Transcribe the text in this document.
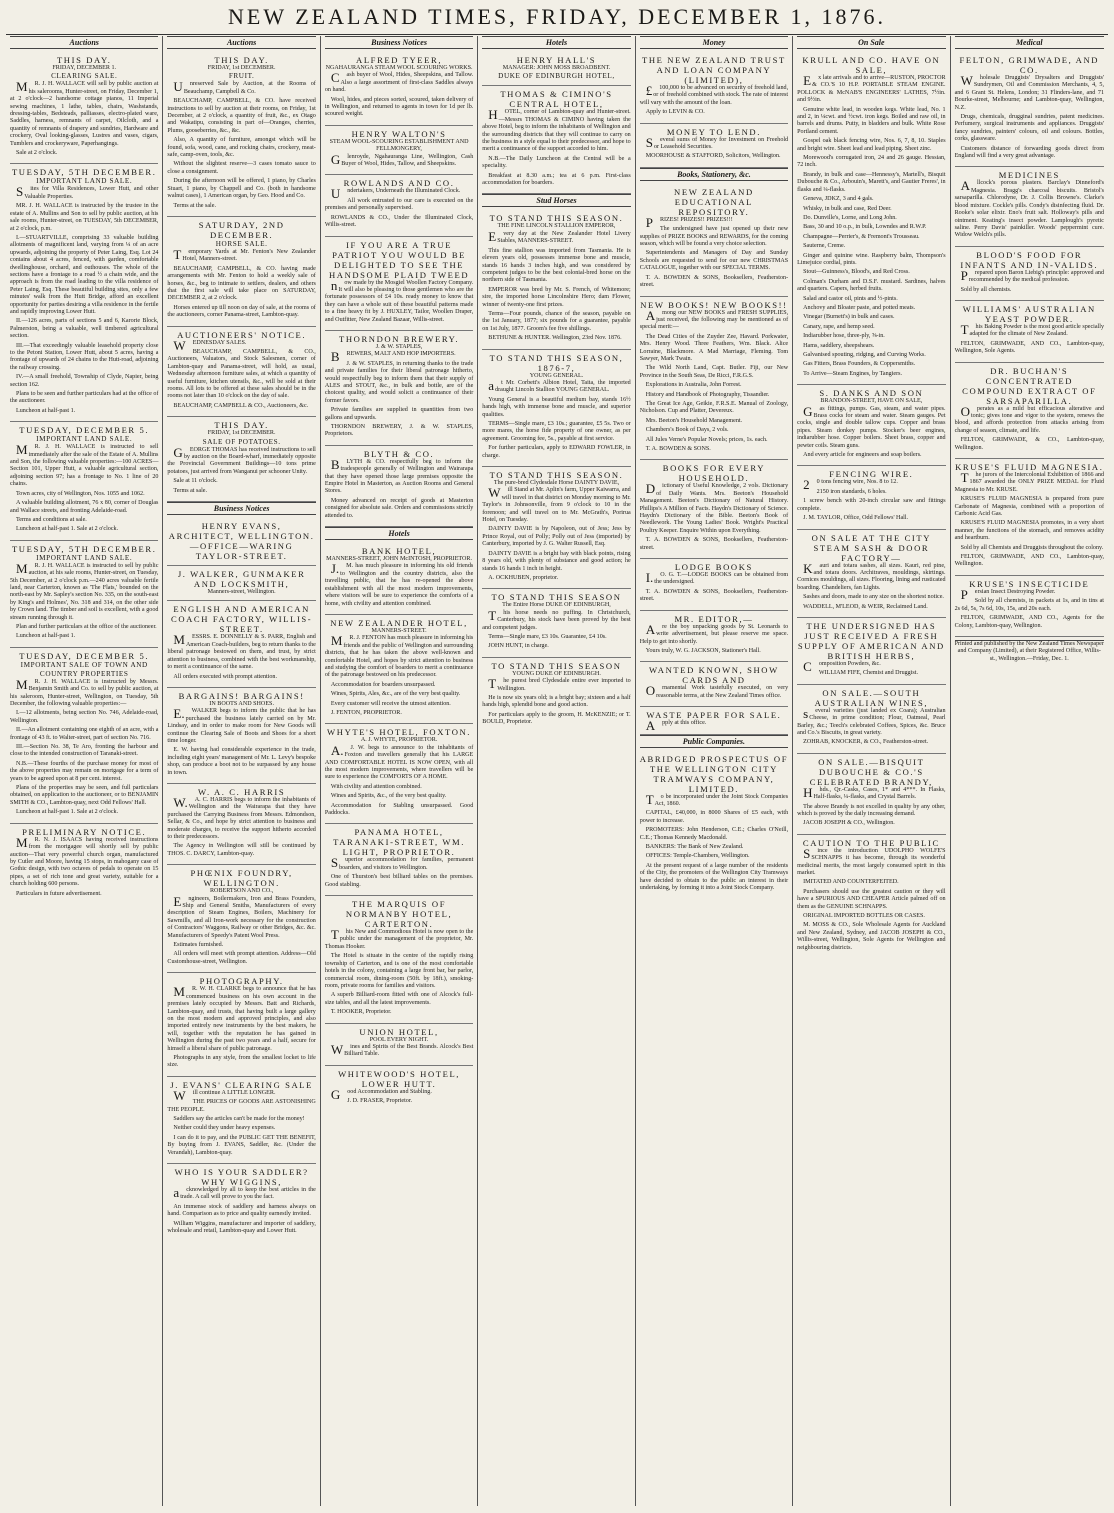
NEW ZEALAND TIMES, FRIDAY, DECEMBER 1, 1876.
Auctions
THIS DAY.
FRIDAY, DECEMBER 1.
CLEARING SALE.

MR. J. H. WALLACE will sell by public auction at his salerooms, Hunter-street, on Friday, December 1, at 2 o'clock—2 handsome cottage pianos, 11 Imperial sewing machines, 1 lathe, tables, chairs, Washstands, dressing-tables, Bedsteads, palliasses, electro-plated ware, Saddles, harness, remnants of carpet, Oilcloth, and a quantity of remnants of drapery and sundries, Hardware and crockery, Oval looking-glasses, Lustres and vases, cigars, Tumblers and crockeryware, Paperhangings.

Sale at 2 o'clock.

TUESDAY, 5TH DECEMBER.
IMPORTANT LAND SALE.

Sites for Villa Residences, Lower Hutt, and other Valuable Properties.

MR. J. H. WALLACE is instructed by the trustee in the estate of A. Mullins and Son to sell by public auction, at his sale rooms, Hunter-street, on TUESDAY, 5th DECEMBER, at 2 o'clock, p.m.

I.—STUARTVILLE, comprising 33 valuable building allotments of magnificent land, varying from ¼ of an acre upwards, adjoining the property of Peter Laing, Esq. Lot 24 contains about 4 acres, fenced, with garden, comfortable dwellinghouse, orchard, and outhouses. The whole of the sections have a frontage to a road ½ a chain wide, and the approach is from the road leading to the villa residence of Peter Laing, Esq. These beautiful building sites, only a few minutes' walk from the Hutt Bridge, afford an excellent opportunity for parties desiring a villa residence in the fertile and rapidly improving Lower Hutt.

II.—126 acres, parts of sections 5 and 6, Karorie Block, Palmerston, being a valuable, well timbered agricultural section.

III.—That exceedingly valuable leasehold property close to the Petoni Station, Lower Hutt, about 5 acres, having a frontage of upwards of 24 chains to the Hutt-road, adjoining the railway crossing.

IV.—A small freehold, Township of Clyde, Napier, being section 162.

Plans to be seen and further particulars had at the office of the auctioneer.

Luncheon at half-past 1.

TUESDAY, DECEMBER 5.
IMPORTANT LAND SALE.

MR. J. H. WALLACE is instructed to sell immediately after the sale of the Estate of A. Mullins and Son, the following valuable properties:—100 ACRES—Section 101, Upper Hutt, a valuable agricultural section, adjoining section 97; has a frontage to No. 1 line of 20 chains.

Town acres, city of Wellington, Nos. 1055 and 1062.

A valuable building allotment, 76 x 80, corner of Douglas and Wallace streets, and fronting Adelaide-road.

Terms and conditions at sale.

Luncheon at half-past 1. Sale at 2 o'clock.

TUESDAY, 5TH DECEMBER.
IMPORTANT LAND SALE.

MR. J. H. WALLACE is instructed to sell by public auction, at his sale rooms, Hunter-street, on Tuesday, 5th December, at 2 o'clock p.m.—240 acres valuable fertile land, near Carterton, known as 'The Flats,' bounded on the north-east by Mr. Sapley's section No. 335, on the south-east by King's and Holmes', No. 318 and 314, on the other side by Crown land. The timber and soil is excellent, with a good stream running through it.

Plan and further particulars at the office of the auctioneer.

Luncheon at half-past 1.

TUESDAY, DECEMBER 5.
IMPORTANT SALE OF TOWN AND COUNTRY PROPERTIES

MR. J. H. WALLACE is instructed by Messrs. Benjamin Smith and Co. to sell by public auction, at his saleroom, Hunter-street, Wellington, on Tuesday, 5th December, the following valuable properties:—

I.—12 allotments, being section No. 746, Adelaide-road, Wellington.

II.—An allotment containing one eighth of an acre, with a frontage of 43 ft. to Walter-street, part of section No. 716.

III.—Section No. 38, Te Aro, fronting the harbour and close to the intended construction of Taranaki-street.

N.B.—These fourths of the purchase money for most of the above properties may remain on mortgage for a term of years to be agreed upon at 8 per cent. interest.

Plans of the properties may be seen, and full particulars obtained, on application to the auctioneer, or to BENJAMIN SMITH & CO., Lambton-quay, next Odd Fellows' Hall.

Luncheon at half-past 1. Sale at 2 o'clock.

PRELIMINARY NOTICE.

MR. N. J. ISAACS having received instructions from the mortgagee will shortly sell by public auction—That very powerful church organ, manufactured by Cutler and Moore, having 15 stops, in mahogany case of Gothic design, with two octaves of pedals to operate on 15 pipes, a set of rich tone and great variety, suitable for a church holding 600 persons.

Particulars in future advertisement.

Auctions
THIS DAY.
FRIDAY, 1st DECEMBER.
FRUIT.

Unreserved Sale by Auction, at the Rooms of Beauchamp, Campbell & Co.

BEAUCHAMP, CAMPBELL, & CO. have received instructions to sell by auction at their rooms, on Friday, 1st December, at 2 o'clock, a quantity of fruit, &c., ex Otago and Wakatipu, consisting in part of—Oranges, cherries, Plums, gooseberries, &c., &c.

Also, A quantity of furniture, amongst which will be found, sofa, wood, cane, and rocking chairs, crockery, meat-safe, camp-oven, tools, &c.

Without the slightest reserve—3 cases tomato sauce to close a consignment.

During the afternoon will be offered, 1 piano, by Charles Stuart, 1 piano, by Chappell and Co. (both in handsome walnut cases), 1 American organ, by Geo. Hood and Co.

Terms at the sale.

SATURDAY, 2ND DECEMBER.
HORSE SALE.

Temporary Yards at Mr. Fenton's New Zealander Hotel, Manners-street.

BEAUCHAMP, CAMPBELL, & CO. having made arrangements with Mr. Fenton to hold a weekly sale of horses, &c., beg to intimate to settlers, dealers, and others that the first sale will take place on SATURDAY, DECEMBER 2, at 2 o'clock.

Horses entered up till noon on day of sale, at the rooms of the auctioneers, corner Panama-street, Lambton-quay.

AUCTIONEERS' NOTICE.

WEDNESDAY SALES.

BEAUCHAMP, CAMPBELL, & CO., Auctioneers, Valuators, and Stock Salesmen, corner of Lambton-quay and Panama-street, will hold, as usual, Wednesday afternoon furniture sales, at which a quantity of useful furniture, kitchen utensils, &c., will be sold at their rooms. All lots to be offered at these sales should be in the rooms not later than 10 o'clock on the day of sale.

BEAUCHAMP, CAMPBELL & CO., Auctioneers, &c.

THIS DAY.
FRIDAY, 1st DECEMBER.
SALE OF POTATOES.

GEORGE THOMAS has received instructions to sell by auction on the Board-wharf, immediately opposite the Provincial Government Buildings—10 tons prime potatoes, just arrived from Wanganui per schooner Unity.

Sale at 11 o'clock.

Terms at sale.

Business Notices
HENRY EVANS, ARCHITECT, WELLINGTON.—OFFICE—WARING TAYLOR-STREET.
J. WALKER, GUNMAKER AND LOCKSMITH,
Manners-street, Wellington.
ENGLISH AND AMERICAN COACH FACTORY, WILLIS-STREET.

MESSRS. E. DONNELLY & S. PARR, English and American Coach-builders, beg to return thanks to the liberal patronage bestowed on them, and trust, by strict attention to business, combined with the best workmanship, to merit a continuance of the same.

All orders executed with prompt attention.

BARGAINS! BARGAINS!
IN BOOTS AND SHOES.

E.WALKER begs to inform the public that he has purchased the business lately carried on by Mr. Lindsay, and in order to make room for New Goods will continue the Clearing Sale of Boots and Shoes for a short time longer.

E. W. having had considerable experience in the trade, including eight years' management of Mr. L. Levy's bespoke shop, can produce a boot not to be surpassed by any house in town.

W. A. C. HARRIS

W.A. C. HARRIS begs to inform the inhabitants of Wellington and the Wairarapa that they have purchased the Carrying Business from Messrs. Edmondson, Sellar, & Co., and hope by strict attention to business and moderate charges, to receive the support hitherto accorded to their predecessors.

The Agency in Wellington will still be continued by THOS. C. DARCY, Lambton-quay.

PHŒNIX FOUNDRY, WELLINGTON.
ROBERTSON AND CO.,

Engineers, Boilermakers, Iron and Brass Founders, Ship and General Smiths, Manufacturers of every description of Steam Engines, Boilers, Machinery for Sawmills, and all Iron-work necessary for the construction of Contractors' Waggons, Railway or other Bridges, &c. &c. Manufacturers of Speedy's Patent Wool Press.

Estimates furnished.

All orders will meet with prompt attention. Address—Old Customhouse-street, Wellington.

PHOTOGRAPHY.

MR. W. H. CLARKE begs to announce that he has commenced business on his own account in the premises lately occupied by Messrs. Batt and Richards, Lambton-quay, and trusts, that having built a large gallery on the most modern and approved principles, and also imported entirely new instruments by the best makers, he will, together with the reputation he has gained in Wellington during the past two years and a half, secure for himself a liberal share of public patronage.

Photographs in any style, from the smallest locket to life size.

J. EVANS' CLEARING SALE

Will continue A LITTLE LONGER.

THE PRICES OF GOODS ARE ASTONISHING THE PEOPLE.

Saddlers say the articles can't be made for the money!

Neither could they under heavy expenses.

I can do it to pay, and the PUBLIC GET THE BENEFIT, By buying from J. EVANS, Saddler, &c. (Under the Verandah), Lambton-quay.

WHO IS YOUR SADDLER? WHY WIGGINS,

acknowledged by all to keep the best articles in the trade. A call will prove to you the fact.

An immense stock of saddlery and harness always on hand. Comparison as to price and quality earnestly invited.

William Wiggins, manufacturer and importer of saddlery, wholesale and retail, Lambton-quay and Lower Hutt.

Business Notices
ALFRED TYEER,
NGAHAURANGA STEAM WOOL SCOURING WORKS.

Cash buyer of Wool, Hides, Sheepskins, and Tallow. Also a large assortment of first-class Saddles always on hand.

Wool, hides, and pieces sorted, scoured, taken delivery of in Wellington, and returned to agents in town for 1d per lb. scoured weight.

HENRY WALTON'S
STEAM WOOL-SCOURING ESTABLISHMENT AND FELLMONGERY,

Glenroyde, Ngahauranga Line, Wellington, Cash Buyer of Wool, Hides, Tallow, and Sheepskins.

ROWLANDS AND CO.

Undertakers, Underneath the Illuminated Clock.

All work entrusted to our care is executed on the premises and personally supervised.

ROWLANDS & CO., Under the Illuminated Clock, Willis-street.

IF YOU ARE A TRUE PATRIOT YOU WOULD BE DELIGHTED TO SEE THE HANDSOME PLAID TWEED

now made by the Mosgiel Woollen Factory Company. It will also be pleasing to those gentlemen who are the fortunate possessors of £4 10s. ready money to know that they can have a whole suit of these beautiful patterns made to a fine heavy fit by J. HUXLEY, Tailor, Woollen Draper, and Outfitter, New Zealand Bazaar, Willis-street.

THORNDON BREWERY.
J. & W. STAPLES,

BREWERS, MALT AND HOP IMPORTERS.

J. & W. STAPLES, in returning thanks to the trade and private families for their liberal patronage hitherto, would respectfully beg to inform them that their supply of ALES and STOUT, &c., in bulk and bottle, are of the choicest quality, and would solicit a continuance of their former favors.

Private families are supplied in quantities from two gallons and upwards.

THORNDON BREWERY, J. & W. STAPLES, Proprietors.

BLYTH & CO.

BLYTH & CO. respectfully beg to inform the tradespeople generally of Wellington and Wairarapa that they have opened those large premises opposite the Empire Hotel in Masterton, as Auction Rooms and General Stores.

Money advanced on receipt of goods at Masterton consigned for absolute sale. Orders and commissions strictly attended to.

Hotels
BANK HOTEL,
MANNERS-STREET, JOHN McINTOSH, PROPRIETOR.

J.M. has much pleasure in informing his old friends to Wellington and the country districts, also the travelling public, that he has re-opened the above establishment with all the most modern improvements, where visitors will be sure to experience the comforts of a home, with civility and attention combined.

NEW ZEALANDER HOTEL,
MANNERS-STREET.

MR. J. FENTON has much pleasure in informing his friends and the public of Wellington and surrounding districts, that he has taken the above well-known and comfortable Hotel, and hopes by strict attention to business and studying the comfort of boarders to merit a continuance of the patronage bestowed on his predecessor.

Accommodation for boarders unsurpassed.

Wines, Spirits, Ales, &c., are of the very best quality.

Every customer will receive the utmost attention.

J. FENTON, PROPRIETOR.

WHYTE'S HOTEL, FOXTON.
A. J. WHYTE, PROPRIETOR.

A.J. W. begs to announce to the inhabitants of Foxton and travellers generally that his LARGE AND COMFORTABLE HOTEL IS NOW OPEN, with all the most modern improvements, where travellers will be sure to experience the COMFORTS OF A HOME.

With civility and attention combined.

Wines and Spirits, &c., of the very best quality.

Accommodation for Stabling unsurpassed. Good Paddocks.

PANAMA HOTEL, TARANAKI-STREET, WM. LIGHT, PROPRIETOR.

Superior accommodation for families, permanent boarders, and visitors to Wellington.

One of Thurston's best billiard tables on the premises. Good stabling.

THE MARQUIS OF NORMANBY HOTEL, CARTERTON.

This New and Commodious Hotel is now open to the public under the management of the proprietor, Mr. Thomas Hooker.

The Hotel is situate in the centre of the rapidly rising township of Carterton, and is one of the most comfortable hotels in the colony, containing a large front bar, bar parlor, commercial room, dining-room (50ft. by 18ft.), smoking-room, private rooms for families and visitors.

A superb Billiard-room fitted with one of Alcock's full-size tables, and all the latest improvements.

T. HOOKER, Proprietor.

UNION HOTEL,
POOL EVERY NIGHT.

Wines and Spirits of the Best Brands. Alcock's Best Billiard Table.

WHITEWOOD'S HOTEL, LOWER HUTT.

Good Accommodation and Stabling.

J. D. FRASER, Proprietor.

Hotels
HENRY HALL'S
MANAGER: JOHN MOSS BROADBENT.
DUKE OF EDINBURGH HOTEL,
THOMAS & CIMINO'S CENTRAL HOTEL,

HOTEL, corner of Lambton-quay and Hunter-street.—Messrs THOMAS & CIMINO having taken the above Hotel, beg to inform the inhabitants of Wellington and the surrounding districts that they will continue to carry on the business in a style equal to their predecessor, and hope to merit a continuance of the support accorded to him.

N.B.—The Daily Luncheon at the Central will be a speciality.

Breakfast at 8.30 a.m.; tea at 6 p.m. First-class accommodation for boarders.

Stud Horses
TO STAND THIS SEASON.
THE FINE LINCOLN STALLION EMPEROR,

Every day at the New Zealander Hotel Livery Stables, MANNERS-STREET.

This fine stallion was imported from Tasmania. He is eleven years old, possesses immense bone and muscle, stands 16 hands 3 inches high, and was considered by competent judges to be the best colonial-bred horse on the northern side of Tasmania.

EMPEROR was bred by Mr. S. French, of Whitemore; sire, the imported horse Lincolnshire Hero; dam Flower, winner of twenty-one first prizes.

Terms—Four pounds, chance of the season, payable on the 1st January, 1877; six pounds for a guarantee, payable on 1st July, 1877. Groom's fee five shillings.

BETHUNE & HUNTER. Wellington, 23rd Nov. 1876.

TO STAND THIS SEASON, 1876-7,
YOUNG GENERAL.

at Mr. Corbett's Albion Hotel, Taita, the imported draught Lincoln Stallion YOUNG GENERAL.

Young General is a beautiful medium bay, stands 16½ hands high, with immense bone and muscle, and superior qualities.

TERMS—Single mare, £3 10s.; guarantee, £5 5s. Two or more mares, the horse fide property of one owner, as per agreement. Grooming fee, 5s., payable at first service.

For further particulars, apply to EDWARD FOWLER, in charge.

TO STAND THIS SEASON.
The pure-bred Clydesdale Horse DAINTY DAVIE,

Will Stand at Mr. Aplin's farm, Upper Kaiwarra, and will travel in that district on Monday morning to Mr. Taylor's in Johnsonville, from 9 o'clock to 10 in the forenoon; and will travel on to Mr. McGrath's, Porirua Hotel, on Tuesday.

DAINTY DAVIE is by Napoleon, out of Jess; Jess by Prince Royal, out of Polly; Polly out of Jess (imported) by Canterbury, imported by J. G. Walter Russell, Esq.

DAINTY DAVIE is a bright bay with black points, rising 8 years old, with plenty of substance and good action; he stands 16 hands 1 inch in height.

A. OCKHUBEN, proprietor.

TO STAND THIS SEASON
The Entire Horse DUKE OF EDINBURGH,

This horse needs no puffing. In Christchurch, Canterbury, his stock have been proved by the best and competent judges.

Terms—Single mare, £3 10s. Guarantee, £4 10s.

JOHN HUNT, in charge.

TO STAND THIS SEASON
YOUNG DUKE OF EDINBURGH.

The purest bred Clydesdale entire ever imported to Wellington.

He is now six years old; is a bright bay; sixteen and a half hands high, splendid bone and good action.

For particulars apply to the groom, H. McKENZIE; or T. BOULD, Proprietor.

Money
THE NEW ZEALAND TRUST AND LOAN COMPANY (LIMITED),

£100,000 to be advanced on security of freehold land, or of freehold combined with stock. The rate of interest will vary with the amount of the loan.

Apply to LEVIN & CO.

MONEY TO LEND.

Several sums of Money for Investment on Freehold or Leasehold Securities.

MOORHOUSE & STAFFORD, Solicitors, Wellington.

Books, Stationery, &c.
NEW ZEALAND EDUCATIONAL REPOSITORY.

PRIZES! PRIZES!! PRIZES!!!

The undersigned have just opened up their new supplies of PRIZE BOOKS and REWARDS, for the coming season, which will be found a very choice selection.

Superintendents and Managers of Day and Sunday Schools are requested to send for our new CHRISTMAS CATALOGUE, together with our SPECIAL TERMS.

T. A. BOWDEN & SONS, Booksellers, Featherston-street.

NEW BOOKS! NEW BOOKS!!

Among our NEW BOOKS and FRESH SUPPLIES, just received, the following may be mentioned as of special merit:—

The Dead Cities of the Zuyder Zee, Havard. Porkwater, Mrs. Henry Wood. Three Feathers, Wm. Black. Alice Lorraine, Blackmore. A Mad Marriage, Fleming. Tom Sawyer, Mark Twain.

The Wild North Land, Capt. Butler. Fiji, our New Province in the South Seas, De Ricci, F.R.G.S.

Explorations in Australia, John Forrest.

History and Handbook of Photography, Tissandier.

The Great Ice Age, Geikie, F.R.S.E. Manual of Zoology, Nicholson. Cup and Platter, Devereux.

Mrs. Beeton's Household Management.

Chambers's Book of Days, 2 vols.

All Jules Verne's Popular Novels; prices, 1s. each.

T. A. BOWDEN & SONS.

BOOKS FOR EVERY HOUSEHOLD.

Dictionary of Useful Knowledge, 2 vols. Dictionary of Daily Wants. Mrs. Beeton's Household Management. Beeton's Dictionary of Natural History. Phillips's A Million of Facts. Haydn's Dictionary of Science. Haydn's Dictionary of the Bible. Beeton's Book of Needlework. The Young Ladies' Book. Wright's Practical Poultry Keeper. Enquire Within upon Everything.

T. A. BOWDEN & SONS, Booksellers, Featherston-street.

LODGE BOOKS

I.O. G. T.—LODGE BOOKS can be obtained from the undersigned.

T. A. BOWDEN & SONS, Booksellers, Featherston-street.

MR. EDITOR,—

Are the boy unpacking goods by St. Leonards to write advertisement, but please reserve me space. Help to get into shortly.

Yours truly, W. G. JACKSON, Stationer's Hall.

WANTED KNOWN, SHOW CARDS AND

Ornamental Work tastefully executed, on very reasonable terms, at the New Zealand Times office.

WASTE PAPER FOR SALE.

Apply at this office.

Public Companies.
ABRIDGED PROSPECTUS OF THE WELLINGTON CITY TRAMWAYS COMPANY, LIMITED.

To be incorporated under the Joint Stock Companies Act, 1860.

CAPITAL, £40,000, in 8000 Shares of £5 each, with power to increase.

PROMOTERS: John Henderson, C.E.; Charles O'Neill, C.E.; Thomas Kennedy Macdonald.

BANKERS: The Bank of New Zealand.

OFFICES: Temple-Chambers, Wellington.

At the present request of a large number of the residents of the City, the promoters of the Wellington City Tramways have decided to obtain to the public an interest in their undertaking, by forming it into a Joint Stock Company.

On Sale
KRULL AND CO. HAVE ON SALE,

Ex late arrivals and to arrive—RUSTON, PROCTOR & CO.'S 10 H.P. PORTABLE STEAM ENGINE. POLLOCK & McNAB'S ENGINEERS' LATHES, 7½in. and 9½in.

Genuine white lead, in wooden kegs. White lead, No. 1 and 2, in ¼cwt. and ½cwt. iron kegs. Boiled and raw oil, in barrels and drums. Putty, in bladders and bulk. White Rose Portland cement.

Gospel oak black fencing wire, Nos. 6, 7, 8, 10. Staples and bright wire. Sheet lead and lead piping. Sheet zinc.

Morewood's corrugated iron, 24 and 26 gauge. Hessian, 72 inch.

Brandy, in bulk and case—Hennessy's, Martell's, Bisquit Dubouche & Co., Arbouin's, Marett's, and Gautier Freres', in flasks and ¼-flasks.

Geneva, JDKZ, 3 and 4 gals.

Whisky, in bulk and case, Red Deer.

Do. Dunville's, Lorne, and Long John.

Bass, 30 and 10 o.p., in bulk, Lowndes and R.W.P.

Champagne—Perrier's, & Fremont's Trousseau.

Sauterne, Creme.

Ginger and quinine wine. Raspberry balm, Thompson's Limejuice cordial, pints.

Stout—Guinness's, Blood's, and Red Cross.

Colman's Durham and D.S.F. mustard. Sardines, halves and quarters. Capers, herbed fruits.

Salad and castor oil, pints and ½-pints.

Anchovy and Bloater paste, and potted meats.

Vinegar (Burnett's) in bulk and cases.

Canary, rape, and hemp seed.

Indiarubber hose, three-ply, ⅝-in.

Hams, saddlery, sheepshears.

Galvanised spouting, ridging, and Curving Works.

Gas Fitters, Brass Founders, & Coppersmiths.

To Arrive—Steam Engines, by Tangiers.

S. DANKS AND SON
BRANDON-STREET, HAVE ON SALE,

Gas fittings, pumps. Gas, steam, and water pipes. Brass cocks for steam and water. Steam gauges. Pet cocks, single and double tallow cups. Copper and brass pipes. Steam donkey pumps. Stocker's beer engines, indiarubber hose. Copper boilers. Sheet brass, copper and pewter coils. Steam guns.

And every article for engineers and soap boilers.

FENCING WIRE.

20 tons fencing wire, Nos. 8 to 12.

2150 iron standards, 6 holes.

1 screw bench with 20-inch circular saw and fittings complete.

J. M. TAYLOR, Office, Odd Fellows' Hall.

ON SALE AT THE CITY STEAM SASH & DOOR FACTORY—

Kauri and totara sashes, all sizes. Kauri, red pine, and totara doors. Architraves, mouldings, skirtings. Cornices mouldings, all sizes. Flooring, lining and rusticated boarding. Chandeliers, fan Lights.

Sashes and doors, made to any size on the shortest notice.

WADDELL, M'LEOD, & WEIR, Reclaimed Land.

THE UNDERSIGNED HAS JUST RECEIVED A FRESH SUPPLY OF AMERICAN AND BRITISH HERBS,

Composition Powders, &c.

WILLIAM FIFE, Chemist and Druggist.

ON SALE.—SOUTH AUSTRALIAN WINES,

several varieties (just landed ex Coara); Australian Cheese, in prime condition; Flour, Oatmeal, Pearl Barley, &c.; Teech's celebrated Coffees, Spices, &c. Bruce and Co.'s Biscuits, in great variety.

ZOHRAB, KNOCKER, & CO., Featherston-street.

ON SALE.—BISQUIT DUBOUCHE & CO.'S CELEBRATED BRANDY,

Hhds., Qr.-Casks, Cases, 1* and 4***. In Flasks, Half-flasks, ¼-flasks, and Crystal Barrels.

The above Brandy is not excelled in quality by any other, which is proved by the daily increasing demand.

JACOB JOSEPH & CO., Wellington.

CAUTION TO THE PUBLIC

Since the introduction UDOLPHO WOLFE'S SCHNAPPS it has become, through its wonderful medicinal merits, the most largely consumed spirit in this market.

IMITATED AND COUNTERFEITED.

Purchasers should use the greatest caution or they will have a SPURIOUS AND CHEAPER Article palmed off on them as the GENUINE SCHNAPPS.

ORIGINAL IMPORTED BOTTLES OR CASES.

M. MOSS & CO., Sole Wholesale Agents for Auckland and New Zealand, Sydney, and JACOB JOSEPH & CO., Willis-street, Wellington, Sole Agents for Wellington and neighbouring districts.

Medical
FELTON, GRIMWADE, AND CO.

Wholesale Druggists' Drysalters and Druggists' Sundrymen, Oil and Commission Merchants, 4, 5, and 6 Grant St. Helens, London; 31 Flinders-lane, and 71 Bourke-street, Melbourne; and Lambton-quay, Wellington, N.Z.

Drugs, chemicals, drugginal sundries, patent medicines. Perfumery, surgical instruments and appliances. Druggists' fancy sundries, painters' colours, oil and colours. Bottles, corks, glassware.

Customers distance of forwarding goods direct from England will find a very great advantage.

MEDICINES

Allcock's porous plasters. Barclay's Dinneford's Magnesia. Bragg's charcoal biscuits. Bristol's sarsaparilla. Chlorodyne, Dr. J. Collis Browne's. Clarke's blood mixture. Cockle's pills. Condy's disinfecting fluid. Dr. Rooke's solar elixir. Eno's fruit salt. Holloway's pills and ointment. Keating's insect powder. Lamplough's pyretic saline. Perry Davis' painkiller. Woods' peppermint cure. Widow Welch's pills.

BLOOD'S FOOD FOR INFANTS AND IN-VALIDS.

Prepared upon Baron Liebig's principle: approved and recommended by the medical profession.

Sold by all chemists.

WILLIAMS' AUSTRALIAN YEAST POWDER.

This Baking Powder is the most good article specially adapted for the climate of New Zealand.

FELTON, GRIMWADE, AND CO., Lambton-quay, Wellington, Sole Agents.

DR. BUCHAN'S CONCENTRATED COMPOUND EXTRACT OF SARSAPARILLA.

Operates as a mild but efficacious alterative and tonic; gives tone and vigor to the system, renews the blood, and affords protection from attacks arising from change of season, climate, and life.

FELTON, GRIMWADE, & CO., Lambton-quay, Wellington.

KRUSE'S FLUID MAGNESIA.

The jurors of the Intercolonial Exhibition of 1866 and 1867 awarded the ONLY PRIZE MEDAL for Fluid Magnesia to Mr. KRUSE.

KRUSE'S FLUID MAGNESIA is prepared from pure Carbonate of Magnesia, combined with a proportion of Carbonic Acid Gas.

KRUSE'S FLUID MAGNESIA promotes, in a very short manner, the functions of the stomach, and removes acidity and heartburn.

Sold by all Chemists and Druggists throughout the colony.

FELTON, GRIMWADE, AND CO., Lambton-quay, Wellington.

KRUSE'S INSECTICIDE

Persian Insect Destroying Powder.

Sold by all chemists, in packets at 1s, and in tins at 2s 6d, 5s, 7s 6d, 10s, 15s, and 20s each.

FELTON, GRIMWADE, AND CO., Agents for the Colony, Lambton-quay, Wellington.

Printed and published by the New Zealand Times Newspaper and Company (Limited), at their Registered Office, Willis-st., Wellington.—Friday, Dec. 1.
